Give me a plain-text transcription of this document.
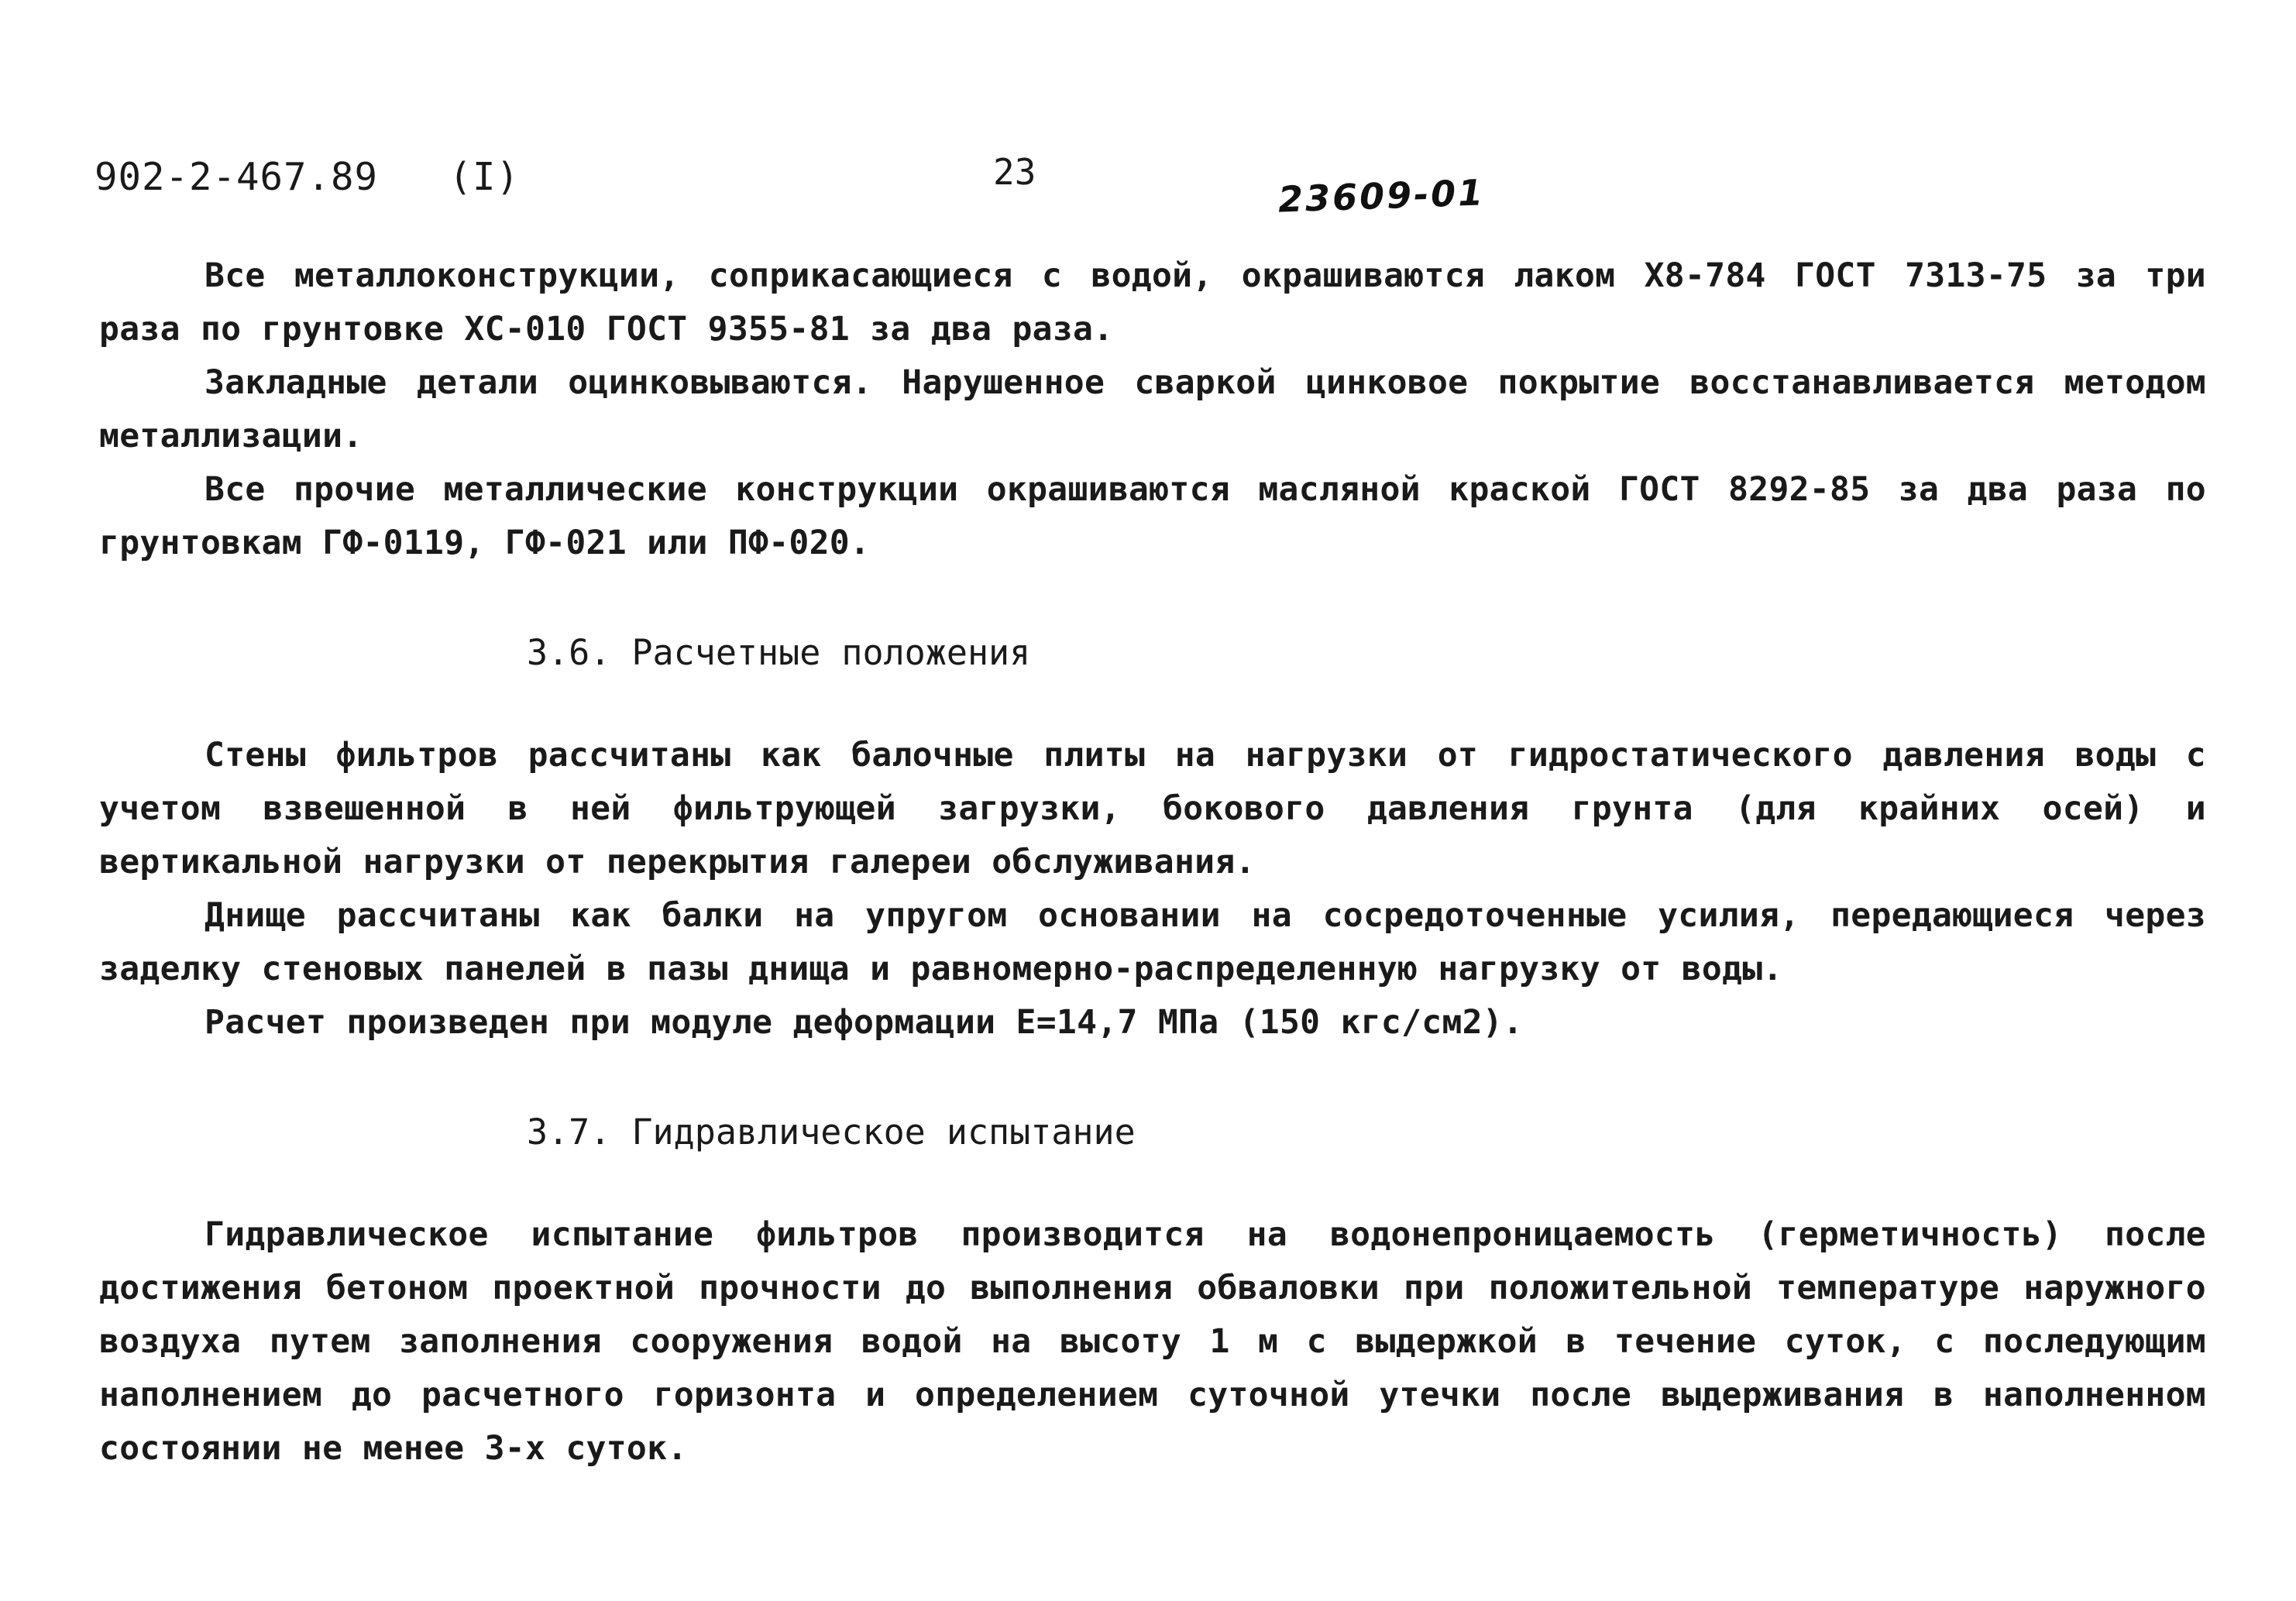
902-2-467.89   (I)	23	23609-01

Все металлоконструкции, соприкасающиеся с водой, окрашиваются лаком Х8-784 ГОСТ 7313-75 за три раза по грунтовке ХС-010 ГОСТ 9355-81 за два раза.

Закладные детали оцинковываются. Нарушенное сваркой цинковое покрытие восстанавливается методом металлизации.

Все прочие металлические конструкции окрашиваются масляной краской ГОСТ 8292-85 за два раза по грунтовкам ГФ-0119, ГФ-021 или ПФ-020.

3.6. Расчетные положения

Стены фильтров рассчитаны как балочные плиты на нагрузки от гидростатического давления воды с учетом взвешенной в ней фильтрующей загрузки, бокового давления грунта (для крайних осей) и вертикальной нагрузки от перекрытия галереи обслуживания.

Днище рассчитаны как балки на упругом основании на сосредоточенные усилия, передающиеся через заделку стеновых панелей в пазы днища и равномерно-распределенную нагрузку от воды.

Расчет произведен при модуле деформации Е=14,7 МПа (150 кгс/см2).

3.7. Гидравлическое испытание

Гидравлическое испытание фильтров производится на водонепроницаемость (герметичность) после достижения бетоном проектной прочности до выполнения обваловки при положительной температуре наружного воздуха путем заполнения сооружения водой на высоту 1 м с выдержкой в течение суток, с последующим наполнением до расчетного горизонта и определением суточной утечки после выдерживания в наполненном состоянии не менее 3-х суток.
